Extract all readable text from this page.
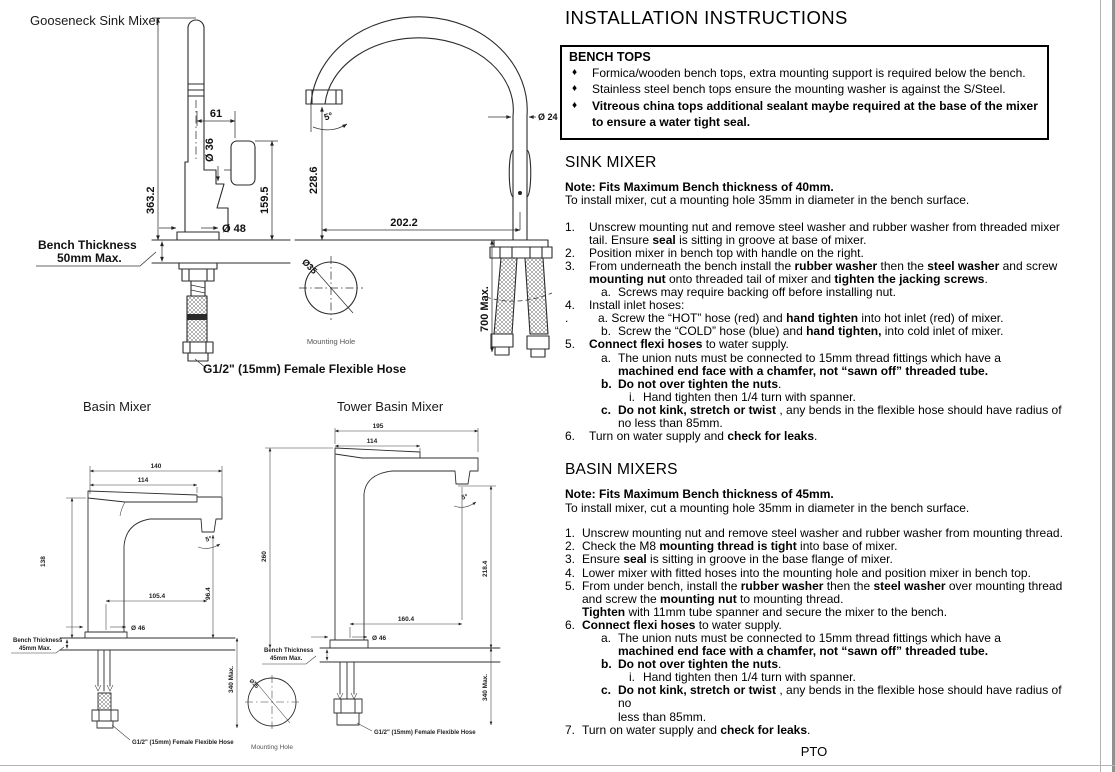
Gooseneck Sink Mixer
61
Ø 36
159.5
363.2
Ø 48
Bench Thickness
50mm Max.
G1/2" (15mm) Female Flexible Hose
Ø 24
5°
228.6
202.2
700 Max.
Ø35
Mounting Hole
Basin Mixer
140
114
5°
96.4
138
105.4
Ø 46
Bench Thickness
45mm Max.
340 Max.
G1/2" (15mm) Female Flexible Hose
Ø35
Mounting Hole
Tower Basin Mixer
195
114
5°
218.4
260
160.4
Ø 46
Bench Thickness
45mm Max.
340 Max.
G1/2" (15mm) Female Flexible Hose
INSTALLATION INSTRUCTIONS
BENCH TOPS
♦	Formica/wooden bench tops, extra mounting support is required below the bench.
♦	Stainless steel bench tops ensure the mounting washer is against the S/Steel.
♦	Vitreous china tops additional sealant maybe required at the base of the mixer
to ensure a water tight seal.
SINK MIXER
Note: Fits Maximum Bench thickness of 40mm.
To install mixer, cut a mounting hole 35mm in diameter in the bench surface.
1.	Unscrew mounting nut and remove steel washer and rubber washer from threaded mixer
tail. Ensure seal is sitting in groove at base of mixer.
2.	Position mixer in bench top with handle on the right.
3.	From underneath the bench install the rubber washer then the steel washer and screw
mounting nut onto threaded tail of mixer and tighten the jacking screws.
a. Screws may require backing off before installing nut.
4.	Install inlet hoses:
.	a. Screw the “HOT” hose (red) and hand tighten into hot inlet (red) of mixer.
b. Screw the “COLD” hose (blue) and hand tighten, into cold inlet of mixer.
5.	Connect flexi hoses to water supply.
a. The union nuts must be connected to 15mm thread fittings which have a
machined end face with a chamfer, not “sawn off” threaded tube.
b. Do not over tighten the nuts.
i. Hand tighten then 1/4 turn with spanner.
c. Do not kink, stretch or twist , any bends in the flexible hose should have radius of
no less than 85mm.
6.	Turn on water supply and check for leaks.
BASIN MIXERS
Note: Fits Maximum Bench thickness of 45mm.
To install mixer, cut a mounting hole 35mm in diameter in the bench surface.
1. Unscrew mounting nut and remove steel washer and rubber washer from mounting thread.
2. Check the M8 mounting thread is tight into base of mixer.
3. Ensure seal is sitting in groove in the base flange of mixer.
4. Lower mixer with fitted hoses into the mounting hole and position mixer in bench top.
5. From under bench, install the rubber washer then the steel washer over mounting thread
and screw the mounting nut to mounting thread.
Tighten with 11mm tube spanner and secure the mixer to the bench.
6. Connect flexi hoses to water supply.
a. The union nuts must be connected to 15mm thread fittings which have a
machined end face with a chamfer, not “sawn off” threaded tube.
b. Do not over tighten the nuts.
i. Hand tighten then 1/4 turn with spanner.
c. Do not kink, stretch or twist , any bends in the flexible hose should have radius of no
less than 85mm.
7. Turn on water supply and check for leaks.
PTO
